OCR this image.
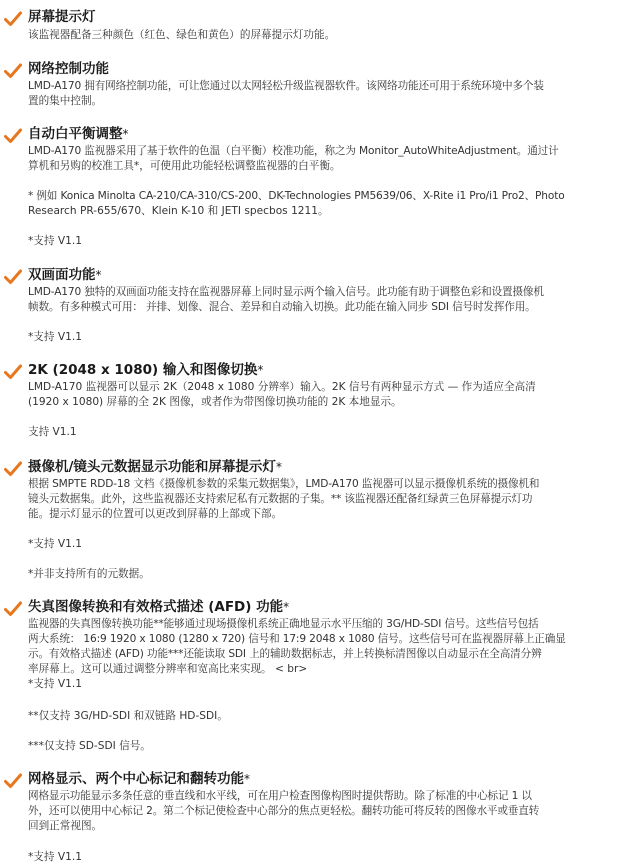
屏幕提示灯
该监视器配备三种颜色（红色、绿色和黄色）的屏幕提示灯功能。
网络控制功能
LMD-A170 拥有网络控制功能，可让您通过以太网轻松升级监视器软件。该网络功能还可用于系统环境中多个装
置的集中控制。
自动白平衡调整*
LMD-A170 监视器采用了基于软件的色温（白平衡）校准功能，称之为 Monitor_AutoWhiteAdjustment。通过计
算机和另购的校准工具*，可使用此功能轻松调整监视器的白平衡。
* 例如 Konica Minolta CA-210/CA-310/CS-200、DK-Technologies PM5639/06、X-Rite i1 Pro/i1 Pro2、Photo
Research PR-655/670、Klein K-10 和 JETI specbos 1211。
*支持 V1.1
双画面功能*
LMD-A170 独特的双画面功能支持在监视器屏幕上同时显示两个输入信号。此功能有助于调整色彩和设置摄像机
帧数。有多种模式可用： 并排、划像、混合、差异和自动输入切换。此功能在输入同步 SDI 信号时发挥作用。
*支持 V1.1
2K (2048 x 1080) 输入和图像切换*
LMD-A170 监视器可以显示 2K（2048 x 1080 分辨率）输入。2K 信号有两种显示方式 — 作为适应全高清
(1920 x 1080) 屏幕的全 2K 图像，或者作为带图像切换功能的 2K 本地显示。
支持 V1.1
摄像机/镜头元数据显示功能和屏幕提示灯*
根据 SMPTE RDD-18 文档《摄像机参数的采集元数据集》，LMD-A170 监视器可以显示摄像机系统的摄像机和
镜头元数据集。此外，这些监视器还支持索尼私有元数据的子集。** 该监视器还配备红绿黄三色屏幕提示灯功
能。提示灯显示的位置可以更改到屏幕的上部或下部。
*支持 V1.1
*并非支持所有的元数据。
失真图像转换和有效格式描述 (AFD) 功能*
监视器的失真图像转换功能**能够通过现场摄像机系统正确地显示水平压缩的 3G/HD-SDI 信号。这些信号包括
两大系统： 16:9 1920 x 1080 (1280 x 720) 信号和 17:9 2048 x 1080 信号。这些信号可在监视器屏幕上正确显
示。有效格式描述 (AFD) 功能***还能读取 SDI 上的辅助数据标志，并上转换标清图像以自动显示在全高清分辨
率屏幕上。这可以通过调整分辨率和宽高比来实现。 < br>
*支持 V1.1
**仅支持 3G/HD-SDI 和双链路 HD-SDI。
***仅支持 SD-SDI 信号。
网格显示、两个中心标记和翻转功能*
网格显示功能显示多条任意的垂直线和水平线，可在用户检查图像构图时提供帮助。除了标准的中心标记 1 以
外，还可以使用中心标记 2。第二个标记使检查中心部分的焦点更轻松。翻转功能可将反转的图像水平或垂直转
回到正常视图。
*支持 V1.1
